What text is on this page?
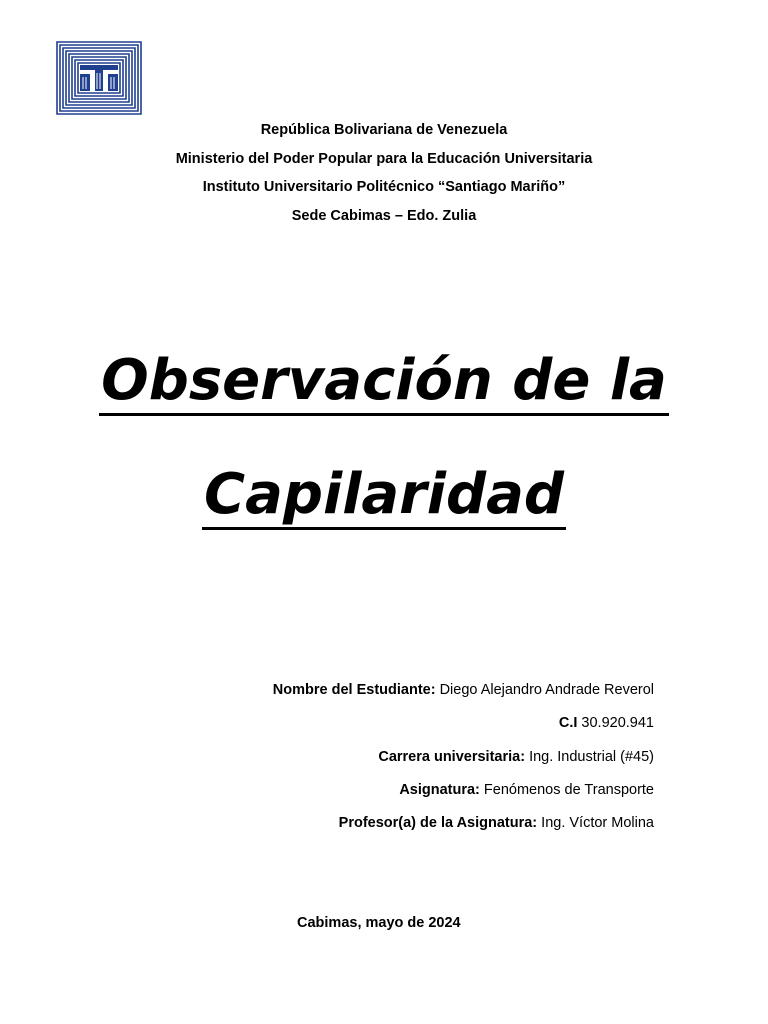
República Bolivariana de Venezuela
Ministerio del Poder Popular para la Educación Universitaria
Instituto Universitario Politécnico “Santiago Mariño”
Sede Cabimas – Edo. Zulia
Observación de la
Capilaridad
Nombre del Estudiante: Diego Alejandro Andrade Reverol
C.I 30.920.941
Carrera universitaria: Ing. Industrial (#45)
Asignatura: Fenómenos de Transporte
Profesor(a) de la Asignatura: Ing. Víctor Molina
Cabimas, mayo de 2024
